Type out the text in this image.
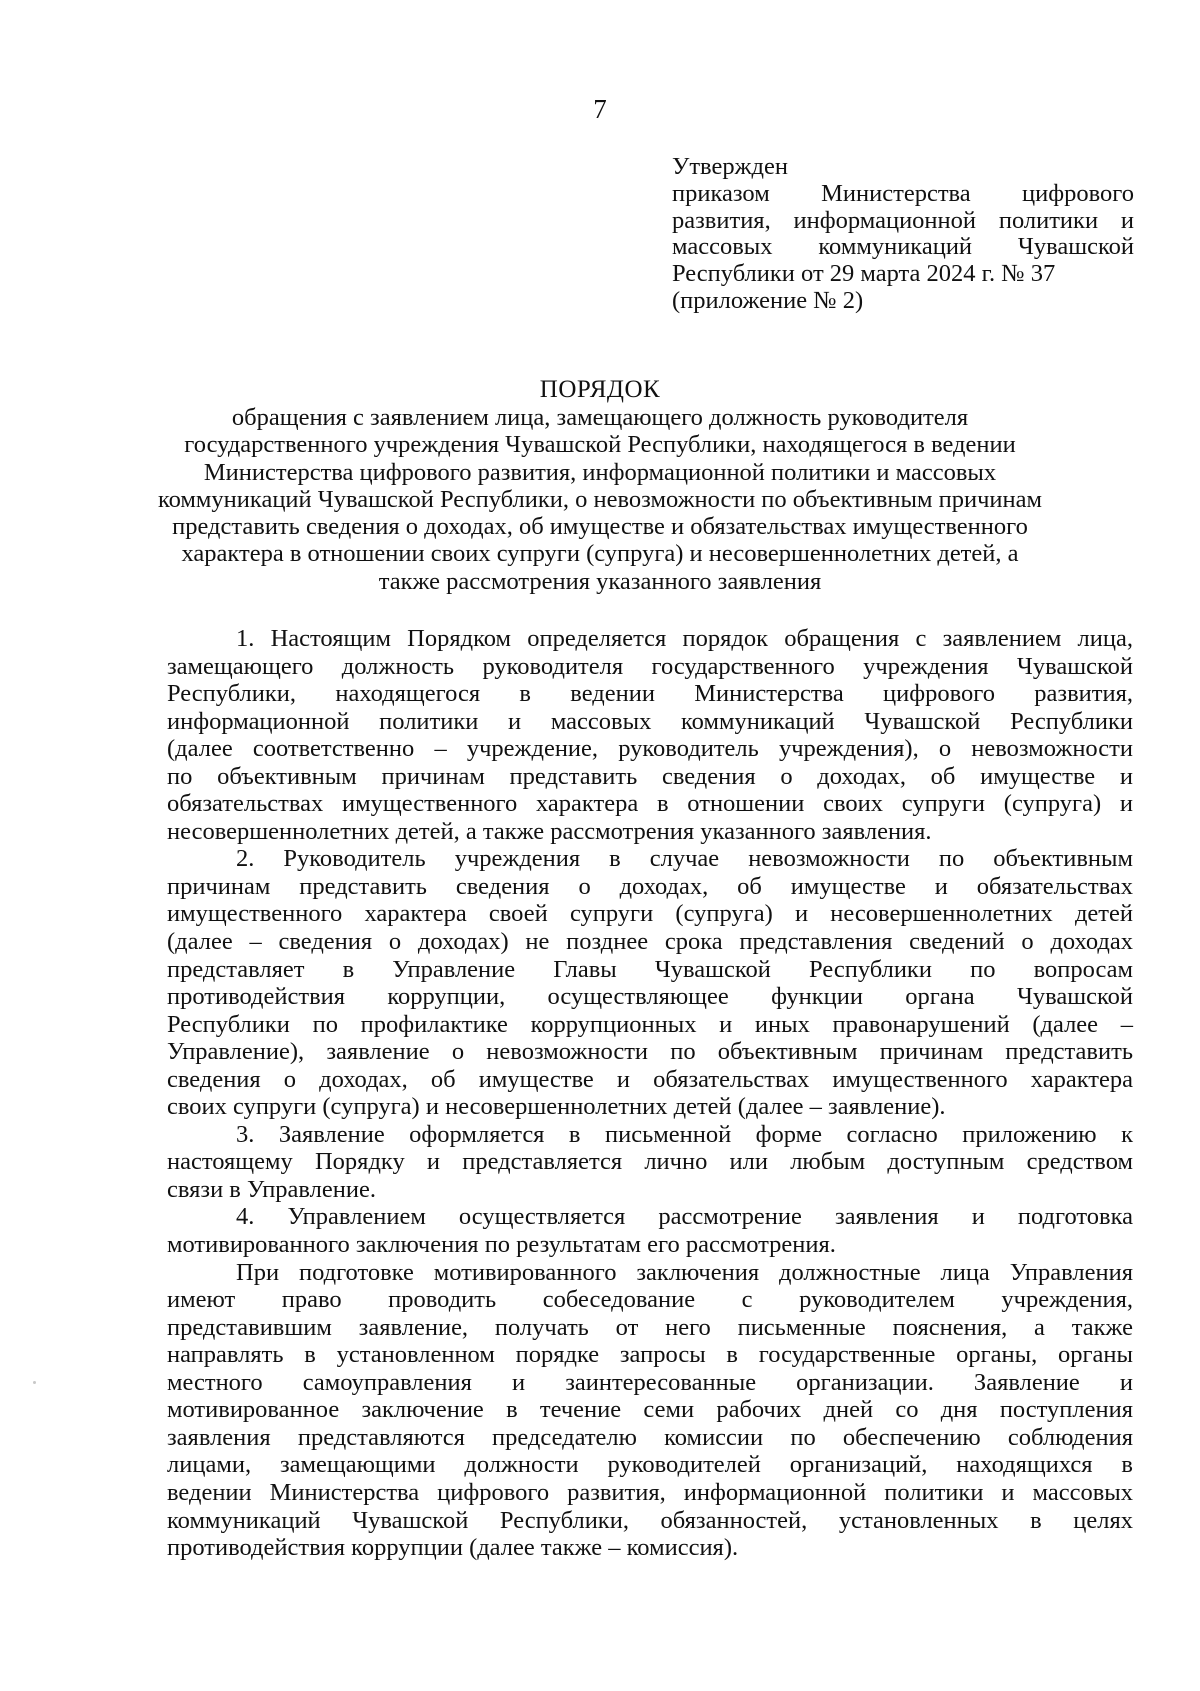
7
Утвержден
приказом Министерства цифрового
развития, информационной политики и
массовых коммуникаций Чувашской
Республики от 29 марта 2024 г. № 37
(приложение № 2)
ПОРЯДОК
обращения с заявлением лица, замещающего должность руководителя
государственного учреждения Чувашской Республики, находящегося в ведении
Министерства цифрового развития, информационной политики и массовых
коммуникаций Чувашской Республики, о невозможности по объективным причинам
представить сведения о доходах, об имуществе и обязательствах имущественного
характера в отношении своих супруги (супруга) и несовершеннолетних детей, а
также рассмотрения указанного заявления
1. Настоящим Порядком определяется порядок обращения с заявлением лица,
замещающего должность руководителя государственного учреждения Чувашской
Республики, находящегося в ведении Министерства цифрового развития,
информационной политики и массовых коммуникаций Чувашской Республики
(далее соответственно – учреждение, руководитель учреждения), о невозможности
по объективным причинам представить сведения о доходах, об имуществе и
обязательствах имущественного характера в отношении своих супруги (супруга) и
несовершеннолетних детей, а также рассмотрения указанного заявления.
2. Руководитель учреждения в случае невозможности по объективным
причинам представить сведения о доходах, об имуществе и обязательствах
имущественного характера своей супруги (супруга) и несовершеннолетних детей
(далее – сведения о доходах) не позднее срока представления сведений о доходах
представляет в Управление Главы Чувашской Республики по вопросам
противодействия коррупции, осуществляющее функции органа Чувашской
Республики по профилактике коррупционных и иных правонарушений (далее –
Управление), заявление о невозможности по объективным причинам представить
сведения о доходах, об имуществе и обязательствах имущественного характера
своих супруги (супруга) и несовершеннолетних детей (далее – заявление).
3. Заявление оформляется в письменной форме согласно приложению к
настоящему Порядку и представляется лично или любым доступным средством
связи в Управление.
4. Управлением осуществляется рассмотрение заявления и подготовка
мотивированного заключения по результатам его рассмотрения.
При подготовке мотивированного заключения должностные лица Управления
имеют право проводить собеседование с руководителем учреждения,
представившим заявление, получать от него письменные пояснения, а также
направлять в установленном порядке запросы в государственные органы, органы
местного самоуправления и заинтересованные организации. Заявление и
мотивированное заключение в течение семи рабочих дней со дня поступления
заявления представляются председателю комиссии по обеспечению соблюдения
лицами, замещающими должности руководителей организаций, находящихся в
ведении Министерства цифрового развития, информационной политики и массовых
коммуникаций Чувашской Республики, обязанностей, установленных в целях
противодействия коррупции (далее также – комиссия).
